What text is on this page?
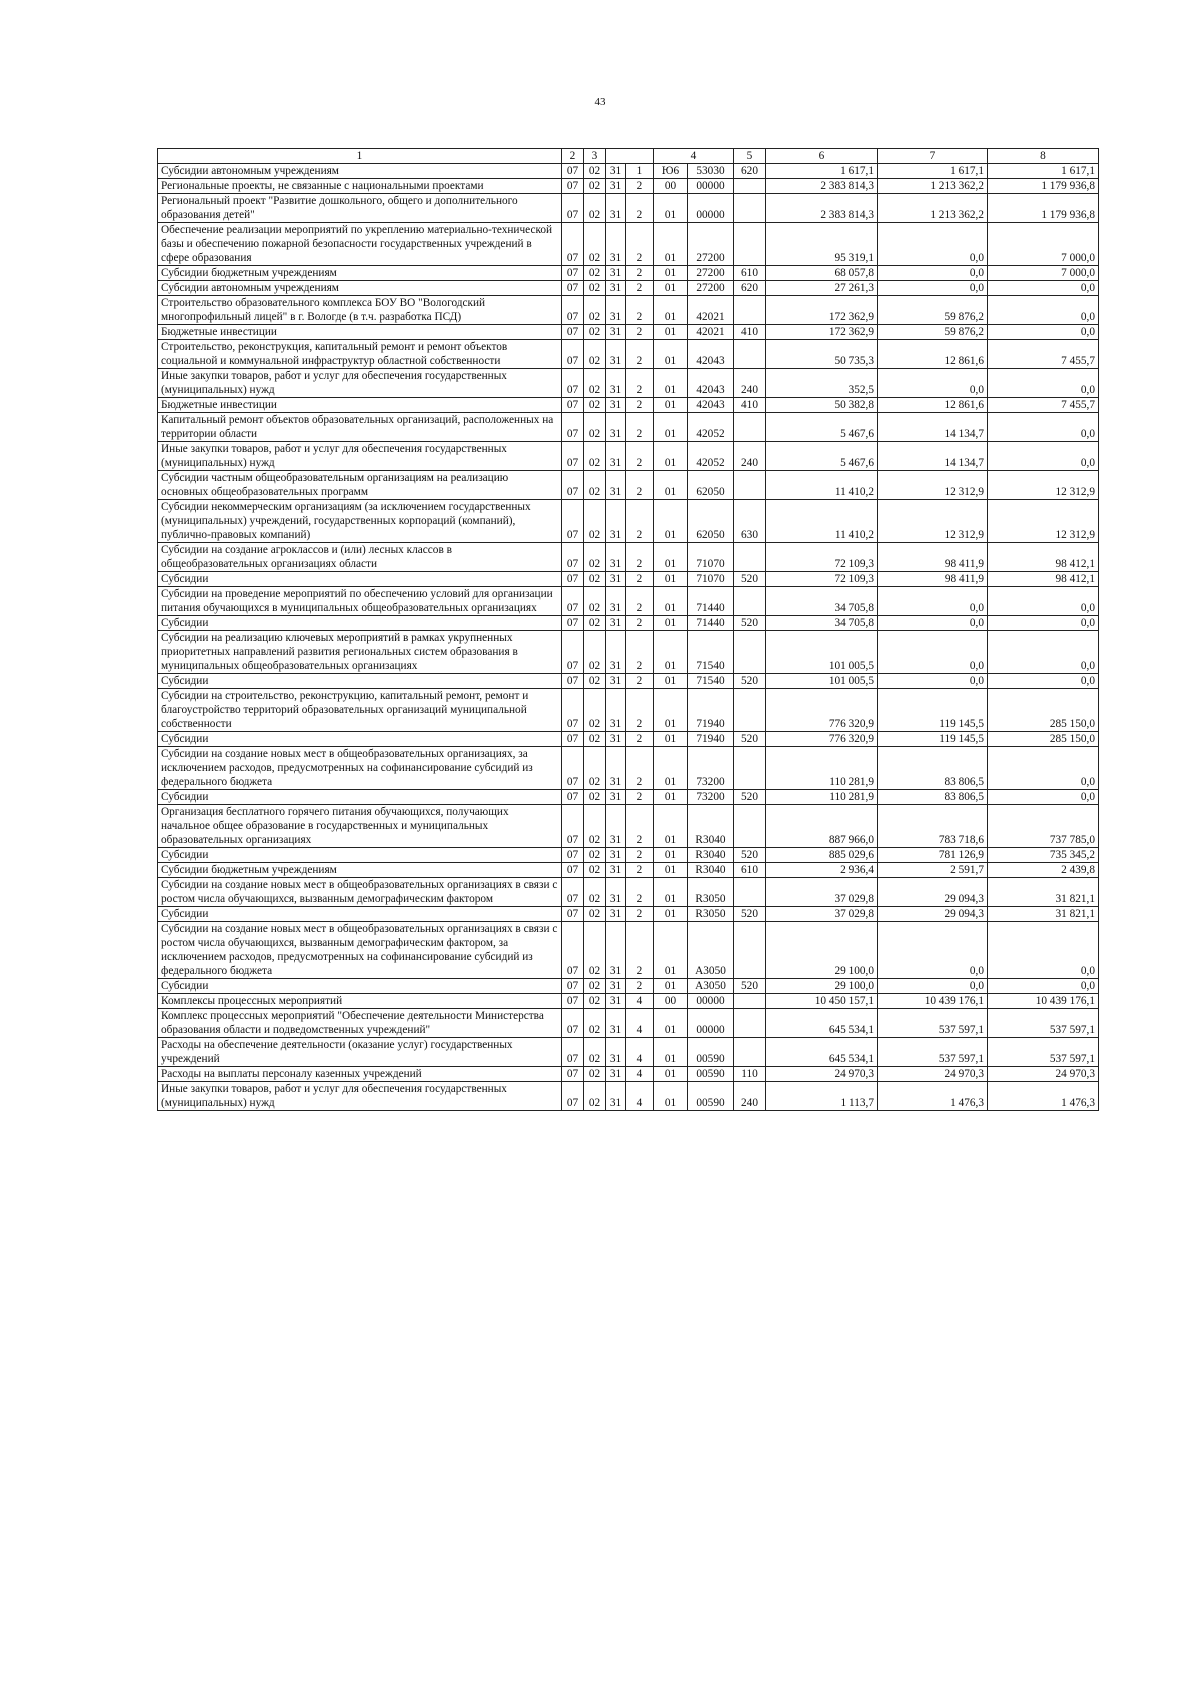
43
1	2	3			4		5	6	7	8
Субсидии автономным учреждениям	07	02	31	1	Ю6	53030	620	1 617,1	1 617,1	1 617,1
Региональные проекты, не связанные с национальными проектами	07	02	31	2	00	00000		2 383 814,3	1 213 362,2	1 179 936,8
Региональный проект "Развитие дошкольного, общего и дополнительного образования детей"	07	02	31	2	01	00000		2 383 814,3	1 213 362,2	1 179 936,8
Обеспечение реализации мероприятий по укреплению материально-технической базы и обеспечению пожарной безопасности государственных учреждений в сфере образования	07	02	31	2	01	27200		95 319,1	0,0	7 000,0
Субсидии бюджетным учреждениям	07	02	31	2	01	27200	610	68 057,8	0,0	7 000,0
Субсидии автономным учреждениям	07	02	31	2	01	27200	620	27 261,3	0,0	0,0
Строительство образовательного комплекса БОУ ВО "Вологодский многопрофильный лицей" в г. Вологде (в т.ч. разработка ПСД)	07	02	31	2	01	42021		172 362,9	59 876,2	0,0
Бюджетные инвестиции	07	02	31	2	01	42021	410	172 362,9	59 876,2	0,0
Строительство, реконструкция, капитальный ремонт и ремонт объектов социальной и коммунальной инфраструктур областной собственности	07	02	31	2	01	42043		50 735,3	12 861,6	7 455,7
Иные закупки товаров, работ и услуг для обеспечения государственных (муниципальных) нужд	07	02	31	2	01	42043	240	352,5	0,0	0,0
Бюджетные инвестиции	07	02	31	2	01	42043	410	50 382,8	12 861,6	7 455,7
Капитальный ремонт объектов образовательных организаций, расположенных на территории области	07	02	31	2	01	42052		5 467,6	14 134,7	0,0
Иные закупки товаров, работ и услуг для обеспечения государственных (муниципальных) нужд	07	02	31	2	01	42052	240	5 467,6	14 134,7	0,0
Субсидии частным общеобразовательным организациям на реализацию основных общеобразовательных программ	07	02	31	2	01	62050		11 410,2	12 312,9	12 312,9
Субсидии некоммерческим организациям (за исключением государственных (муниципальных) учреждений, государственных корпораций (компаний), публично-правовых компаний)	07	02	31	2	01	62050	630	11 410,2	12 312,9	12 312,9
Субсидии на создание агроклассов и (или) лесных классов в общеобразовательных организациях области	07	02	31	2	01	71070		72 109,3	98 411,9	98 412,1
Субсидии	07	02	31	2	01	71070	520	72 109,3	98 411,9	98 412,1
Субсидии на проведение мероприятий по обеспечению условий для организации питания обучающихся в муниципальных общеобразовательных организациях	07	02	31	2	01	71440		34 705,8	0,0	0,0
Субсидии	07	02	31	2	01	71440	520	34 705,8	0,0	0,0
Субсидии на реализацию ключевых мероприятий в рамках укрупненных приоритетных направлений развития региональных систем образования в муниципальных общеобразовательных организациях	07	02	31	2	01	71540		101 005,5	0,0	0,0
Субсидии	07	02	31	2	01	71540	520	101 005,5	0,0	0,0
Субсидии на строительство, реконструкцию, капитальный ремонт, ремонт и благоустройство территорий образовательных организаций муниципальной собственности	07	02	31	2	01	71940		776 320,9	119 145,5	285 150,0
Субсидии	07	02	31	2	01	71940	520	776 320,9	119 145,5	285 150,0
Субсидии на создание новых мест в общеобразовательных организациях, за исключением расходов, предусмотренных на софинансирование субсидий из федерального бюджета	07	02	31	2	01	73200		110 281,9	83 806,5	0,0
Субсидии	07	02	31	2	01	73200	520	110 281,9	83 806,5	0,0
Организация бесплатного горячего питания обучающихся, получающих начальное общее образование в государственных и муниципальных образовательных организациях	07	02	31	2	01	R3040		887 966,0	783 718,6	737 785,0
Субсидии	07	02	31	2	01	R3040	520	885 029,6	781 126,9	735 345,2
Субсидии бюджетным учреждениям	07	02	31	2	01	R3040	610	2 936,4	2 591,7	2 439,8
Субсидии на создание новых мест в общеобразовательных организациях в связи с ростом числа обучающихся, вызванным демографическим фактором	07	02	31	2	01	R3050		37 029,8	29 094,3	31 821,1
Субсидии	07	02	31	2	01	R3050	520	37 029,8	29 094,3	31 821,1
Субсидии на создание новых мест в общеобразовательных организациях в связи с ростом числа обучающихся, вызванным демографическим фактором, за исключением расходов, предусмотренных на софинансирование субсидий из федерального бюджета	07	02	31	2	01	А3050		29 100,0	0,0	0,0
Субсидии	07	02	31	2	01	А3050	520	29 100,0	0,0	0,0
Комплексы процессных мероприятий	07	02	31	4	00	00000		10 450 157,1	10 439 176,1	10 439 176,1
Комплекс процессных мероприятий "Обеспечение деятельности Министерства образования области и подведомственных учреждений"	07	02	31	4	01	00000		645 534,1	537 597,1	537 597,1
Расходы на обеспечение деятельности (оказание услуг) государственных учреждений	07	02	31	4	01	00590		645 534,1	537 597,1	537 597,1
Расходы на выплаты персоналу казенных учреждений	07	02	31	4	01	00590	110	24 970,3	24 970,3	24 970,3
Иные закупки товаров, работ и услуг для обеспечения государственных (муниципальных) нужд	07	02	31	4	01	00590	240	1 113,7	1 476,3	1 476,3
